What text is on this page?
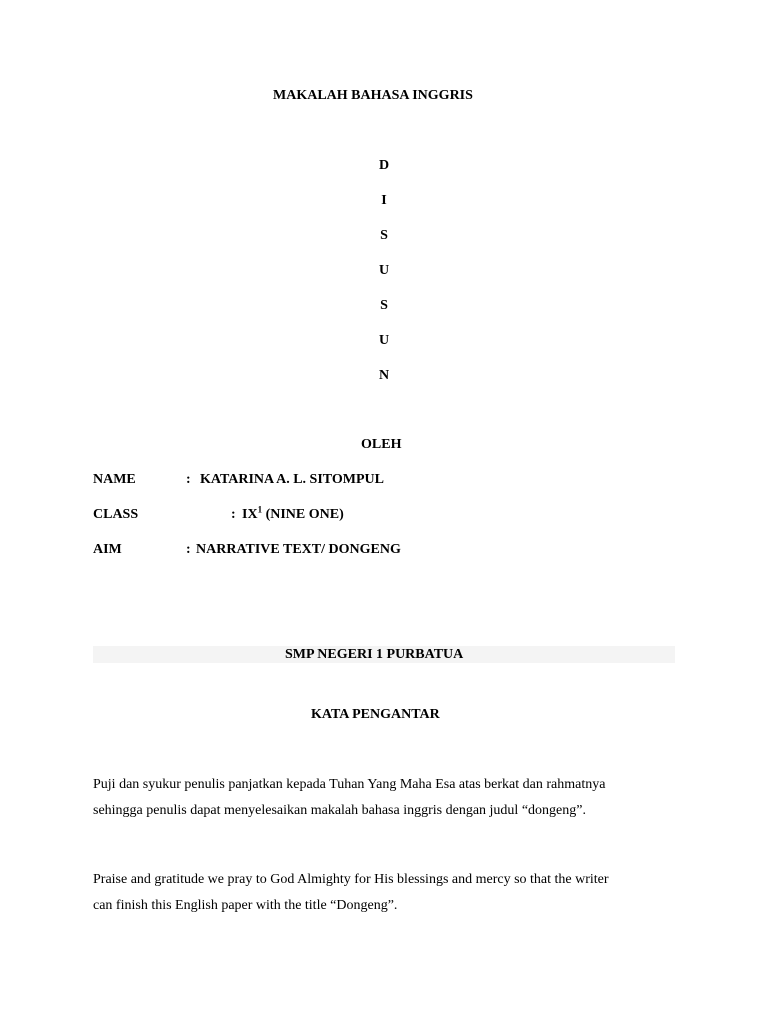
MAKALAH BAHASA INGGRIS
D
I
S
U
S
U
N
OLEH
NAME	: KATARINA A. L. SITOMPUL
CLASS	: $IX^1$ (NINE ONE)
AIM	: NARRATIVE TEXT/ DONGENG
SMP NEGERI 1 PURBATUA
KATA PENGANTAR
Puji dan syukur penulis panjatkan kepada Tuhan Yang Maha Esa atas berkat dan rahmatnya
sehingga penulis dapat menyelesaikan makalah bahasa inggris dengan judul “dongeng”.
Praise and gratitude we pray to God Almighty for His blessings and mercy so that the writer
can finish this English paper with the title “Dongeng”.
